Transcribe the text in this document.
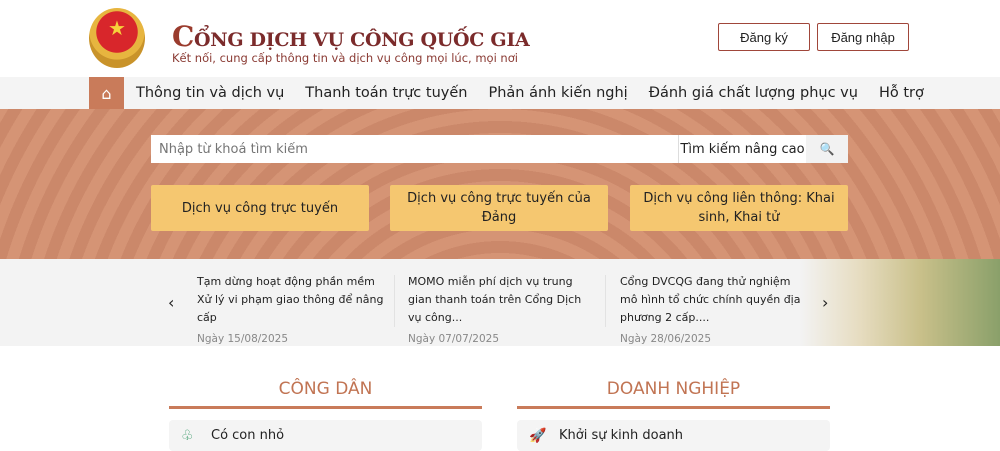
★
CỔNG DỊCH VỤ CÔNG QUỐC GIA
Kết nối, cung cấp thông tin và dịch vụ công mọi lúc, mọi nơi
Đăng ký	Đăng nhập
⌂	Thông tin và dịch vụ Thanh toán trực tuyến Phản ánh kiến nghị Đánh giá chất lượng phục vụ Hỗ trợ
Nhập từ khoá tìm kiếm
Tìm kiếm nâng cao	🔍
Dịch vụ công trực tuyến
Dịch vụ công trực tuyến của Đảng
Dịch vụ công liên thông: Khai sinh, Khai tử
‹
Tạm dừng hoạt động phần mềm Xử lý vi phạm giao thông để nâng cấp
Ngày 15/08/2025
MOMO miễn phí dịch vụ trung gian thanh toán trên Cổng Dịch vụ công...
Ngày 07/07/2025
Cổng DVCQG đang thử nghiệm mô hình tổ chức chính quyền địa phương 2 cấp....
Ngày 28/06/2025
›
CÔNG DÂN
♧	Có con nhỏ
DOANH NGHIỆP
🚀 Khởi sự kinh doanh
